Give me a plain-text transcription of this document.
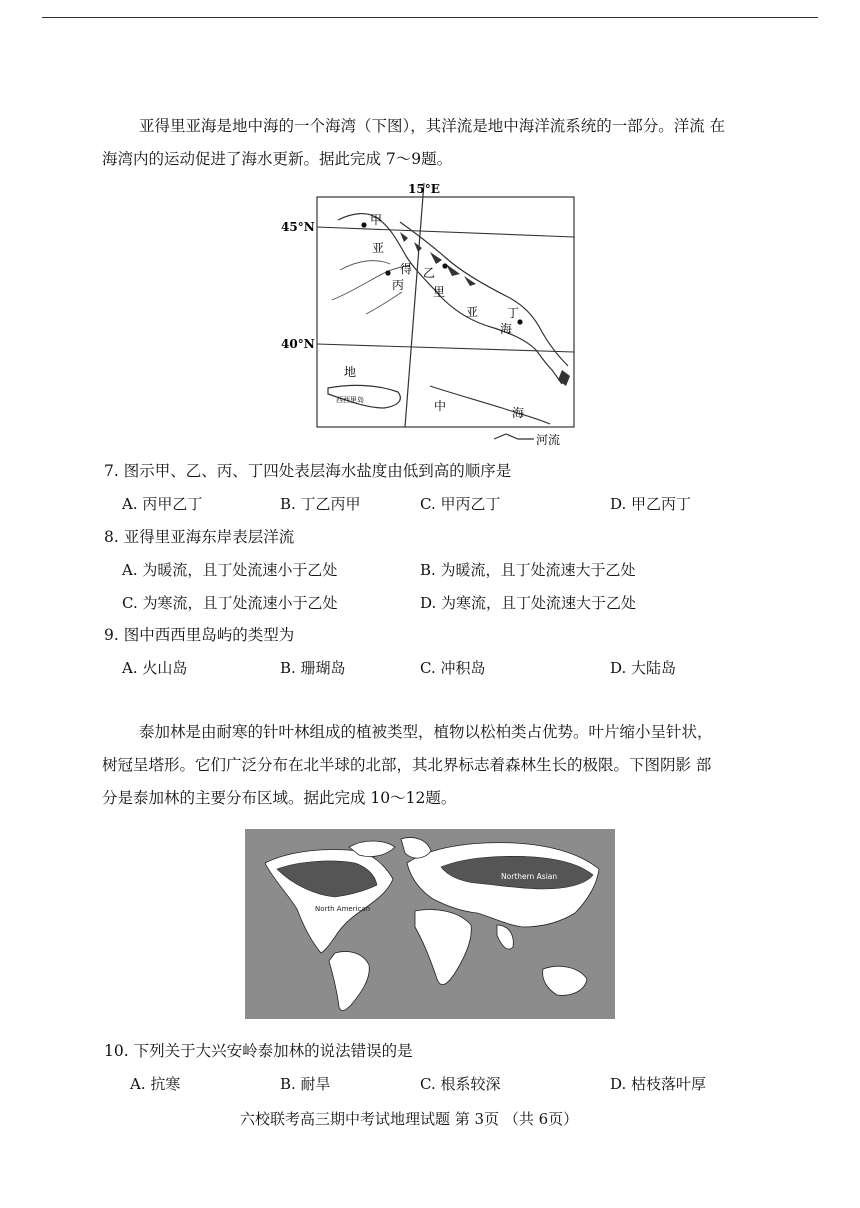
亚得里亚海是地中海的一个海湾（下图），其洋流是地中海洋流系统的一部分。洋流 在
海湾内的运动促进了海水更新。据此完成 7～9题。
15°E
45°N
40°N
甲
乙
丙
丁
亚
得
里
亚
海
地
中	海
西西里岛
河流
7. 图示甲、乙、丙、丁四处表层海水盐度由低到高的顺序是
A. 丙甲乙丁	B. 丁乙丙甲	C. 甲丙乙丁	D. 甲乙丙丁
8. 亚得里亚海东岸表层洋流
A. 为暖流，且丁处流速小于乙处	B. 为暖流，且丁处流速大于乙处
C. 为寒流，且丁处流速小于乙处	D. 为寒流，且丁处流速大于乙处
9. 图中西西里岛屿的类型为
A. 火山岛	B. 珊瑚岛	C. 冲积岛	D. 大陆岛
泰加林是由耐寒的针叶林组成的植被类型，植物以松柏类占优势。叶片缩小呈针状，
树冠呈塔形。它们广泛分布在北半球的北部，其北界标志着森林生长的极限。下图阴影 部
分是泰加林的主要分布区域。据此完成 10～12题。
Northern Asian
North American
10. 下列关于大兴安岭泰加林的说法错误的是
A. 抗寒	B. 耐旱	C. 根系较深	D. 枯枝落叶厚
六校联考高三期中考试地理试题 第 3页 （共 6页）
